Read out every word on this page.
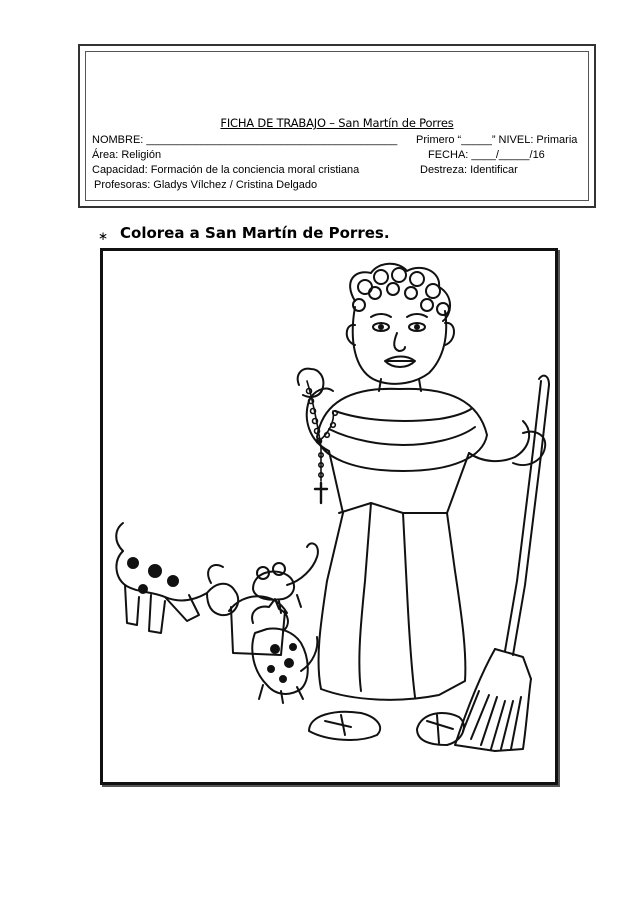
FICHA DE TRABAJO – San Martín de Porres
NOMBRE: _________________________________________ Primero “_____” NIVEL: Primaria
Área: Religión	FECHA: ____/_____/16
Capacidad: Formación de la conciencia moral cristiana	Destreza: Identificar
Profesoras: Gladys Vílchez / Cristina Delgado
∗ Colorea a San Martín de Porres.
